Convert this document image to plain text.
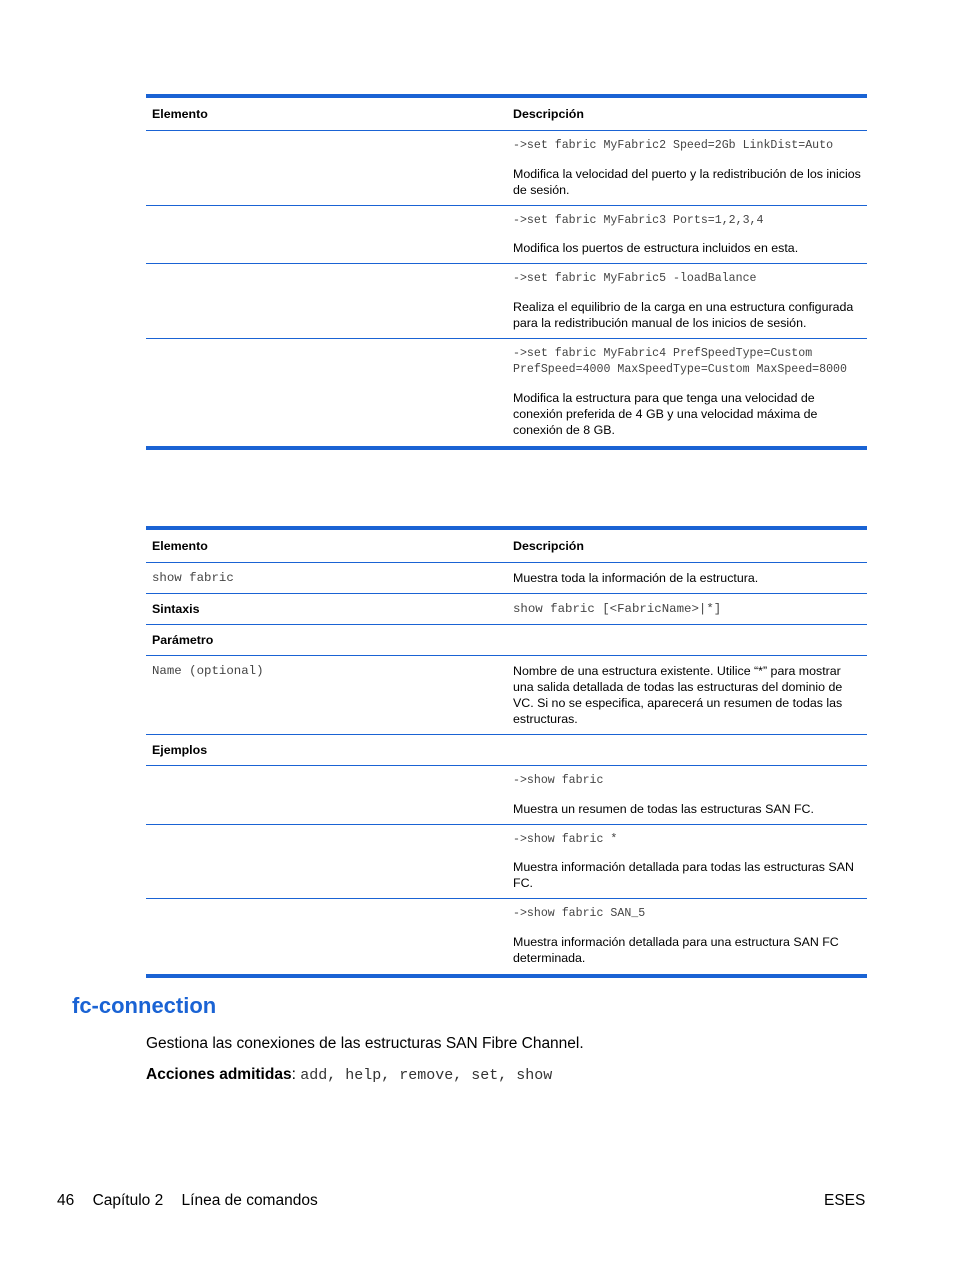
Elemento	Descripción

	->set fabric MyFabric2 Speed=2Gb LinkDist=Auto
Modifica la velocidad del puerto y la redistribución de los inicios de sesión.

	->set fabric MyFabric3 Ports=1,2,3,4
Modifica los puertos de estructura incluidos en esta.

	->set fabric MyFabric5 -loadBalance
Realiza el equilibrio de la carga en una estructura configurada para la redistribución manual de los inicios de sesión.

	->set fabric MyFabric4 PrefSpeedType=Custom PrefSpeed=4000 MaxSpeedType=Custom MaxSpeed=8000
Modifica la estructura para que tenga una velocidad de conexión preferida de 4 GB y una velocidad máxima de conexión de 8 GB.
Elemento	Descripción
show fabric	Muestra toda la información de la estructura.
Sintaxis	show fabric [<FabricName>|*]
Parámetro	
Name (optional)	Nombre de una estructura existente. Utilice “*” para mostrar una salida detallada de todas las estructuras del dominio de VC. Si no se especifica, aparecerá un resumen de todas las estructuras.
Ejemplos	

	->show fabric
Muestra un resumen de todas las estructuras SAN FC.

	->show fabric *
Muestra información detallada para todas las estructuras SAN FC.

	->show fabric SAN_5
Muestra información detallada para una estructura SAN FC determinada.
fc-connection

Gestiona las conexiones de las estructuras SAN Fibre Channel.

Acciones admitidas: add, help, remove, set, show

46 Capítulo 2 Línea de comandos	ESES
